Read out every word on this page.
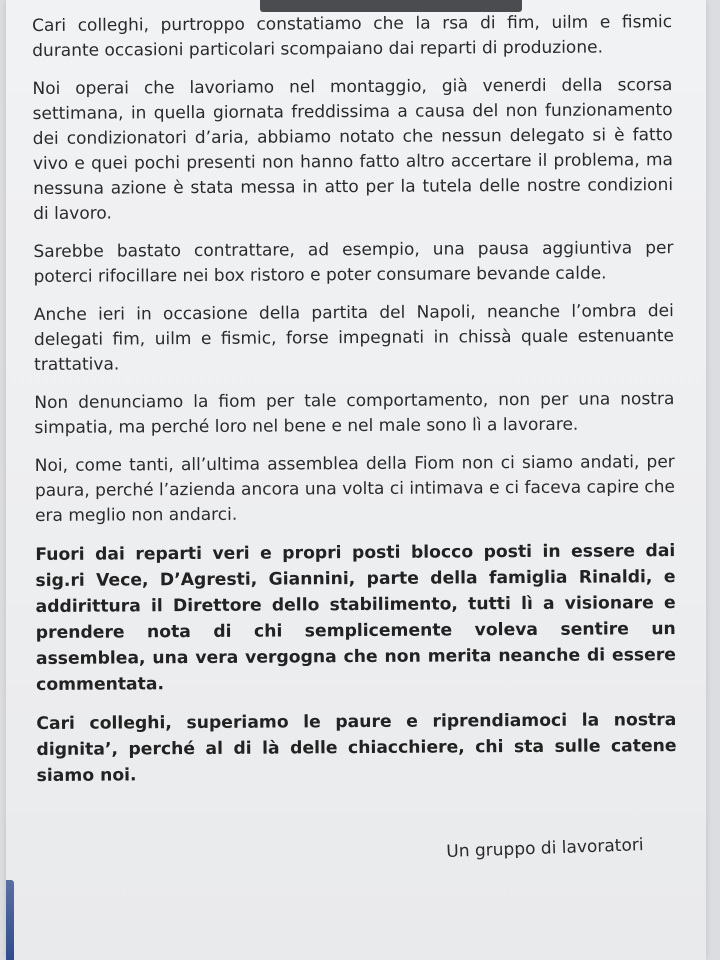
Cari colleghi, purtroppo constatiamo che la rsa di fim, uilm e fismic durante occasioni particolari scompaiano dai reparti di produzione.

Noi operai che lavoriamo nel montaggio, già venerdi della scorsa settimana, in quella giornata freddissima a causa del non funzionamento dei condizionatori d’aria, abbiamo notato che nessun delegato si è fatto vivo e quei pochi presenti non hanno fatto altro accertare il problema, ma nessuna azione è stata messa in atto per la tutela delle nostre condizioni di lavoro.

Sarebbe bastato contrattare, ad esempio, una pausa aggiuntiva per poterci rifocillare nei box ristoro e poter consumare bevande calde.

Anche ieri in occasione della partita del Napoli, neanche l’ombra dei delegati fim, uilm e fismic, forse impegnati in chissà quale estenuante trattativa.

Non denunciamo la fiom per tale comportamento, non per una nostra simpatia, ma perché loro nel bene e nel male sono lì a lavorare.

Noi, come tanti, all’ultima assemblea della Fiom non ci siamo andati, per paura, perché l’azienda ancora una volta ci intimava e ci faceva capire che era meglio non andarci.

Fuori dai reparti veri e propri posti blocco posti in essere dai sig.ri Vece, D’Agresti, Giannini, parte della famiglia Rinaldi, e addirittura il Direttore dello stabilimento, tutti lì a visionare e prendere nota di chi semplicemente voleva sentire un assemblea, una vera vergogna che non merita neanche di essere commentata.

Cari colleghi, superiamo le paure e riprendiamoci la nostra dignita’, perché al di là delle chiacchiere, chi sta sulle catene siamo noi.

Un gruppo di lavoratori
